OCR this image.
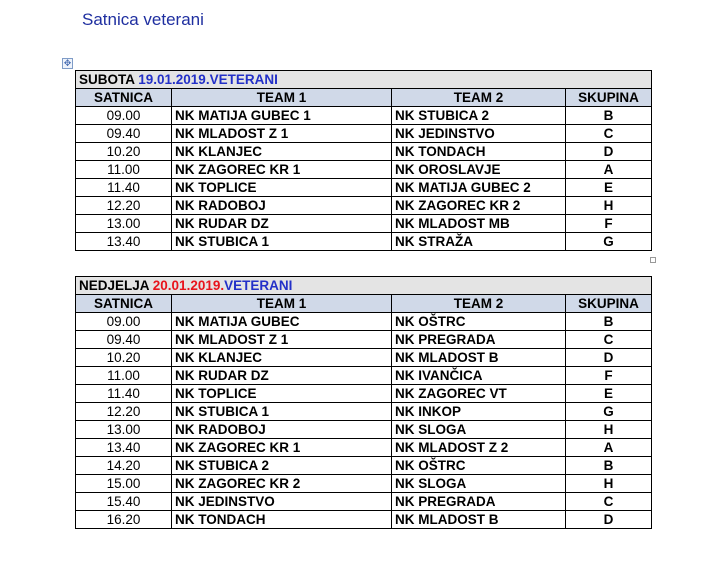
Satnica veterani
✥
SUBOTA 19.01.2019.VETERANI			
SATNICA	TEAM 1	TEAM 2	SKUPINA
09.00	NK MATIJA GUBEC 1	NK STUBICA 2	B
09.40	NK MLADOST Z 1	NK JEDINSTVO	C
10.20	NK KLANJEC	NK TONDACH	D
11.00	NK ZAGOREC KR 1	NK OROSLAVJE	A
11.40	NK TOPLICE	NK MATIJA GUBEC 2	E
12.20	NK RADOBOJ	NK ZAGOREC KR 2	H
13.00	NK RUDAR DZ	NK MLADOST MB	F
13.40	NK STUBICA 1	NK STRAŽA	G
NEDJELJA 20.01.2019.VETERANI			
SATNICA	TEAM 1	TEAM 2	SKUPINA
09.00	NK MATIJA GUBEC	NK OŠTRC	B
09.40	NK MLADOST Z 1	NK PREGRADA	C
10.20	NK KLANJEC	NK MLADOST B	D
11.00	NK RUDAR DZ	NK IVANČICA	F
11.40	NK TOPLICE	NK ZAGOREC VT	E
12.20	NK STUBICA 1	NK INKOP	G
13.00	NK RADOBOJ	NK SLOGA	H
13.40	NK ZAGOREC KR 1	NK MLADOST Z 2	A
14.20	NK STUBICA 2	NK OŠTRC	B
15.00	NK ZAGOREC KR 2	NK SLOGA	H
15.40	NK JEDINSTVO	NK PREGRADA	C
16.20	NK TONDACH	NK MLADOST B	D
